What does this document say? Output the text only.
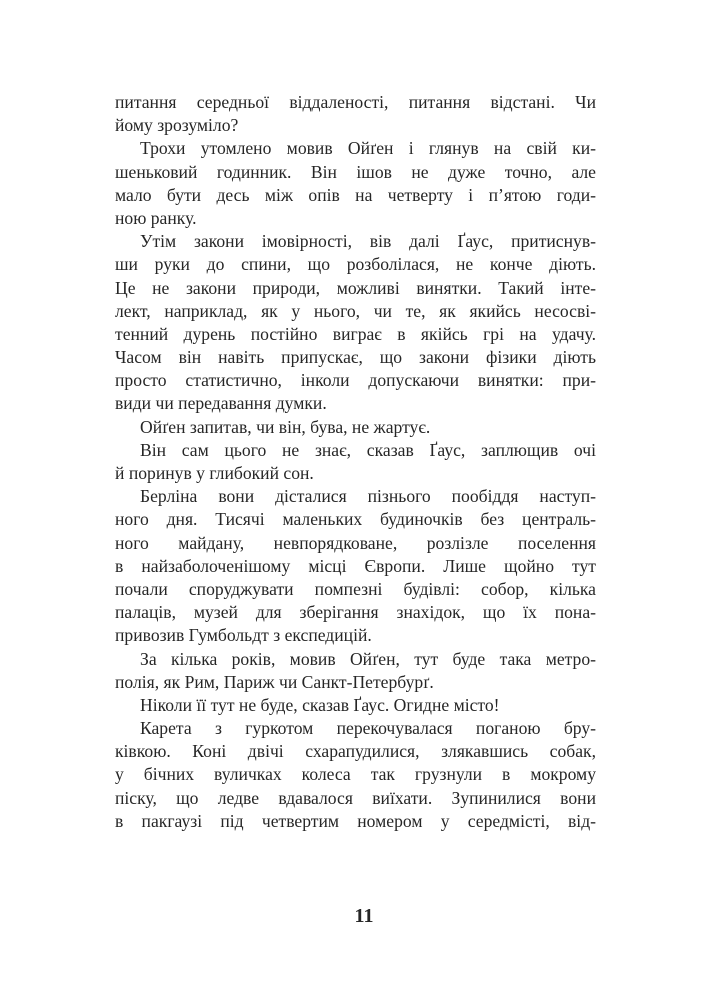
питання середньої віддаленості, питання відстані. Чи
йому зрозуміло?
Трохи утомлено мовив Ойґен і глянув на свій ки-
шеньковий годинник. Він ішов не дуже точно, але
мало бути десь між опів на четверту і п’ятою годи-
ною ранку.
Утім закони імовірності, вів далі Ґаус, притиснув-
ши руки до спини, що розболілася, не конче діють.
Це не закони природи, можливі винятки. Такий інте-
лект, наприклад, як у нього, чи те, як якийсь несосві-
тенний дурень постійно виграє в якійсь грі на удачу.
Часом він навіть припускає, що закони фізики діють
просто статистично, інколи допускаючи винятки: при-
види чи передавання думки.
Ойґен запитав, чи він, бува, не жартує.
Він сам цього не знає, сказав Ґаус, заплющив очі
й поринув у глибокий сон.
Берліна вони дісталися пізнього пообіддя наступ-
ного дня. Тисячі маленьких будиночків без централь-
ного майдану, невпорядковане, розлізле поселення
в найзаболоченішому місці Європи. Лише щойно тут
почали споруджувати помпезні будівлі: собор, кілька
палаців, музей для зберігання знахідок, що їх пона-
привозив Гумбольдт з експедицій.
За кілька років, мовив Ойґен, тут буде така метро-
полія, як Рим, Париж чи Санкт-Петербурґ.
Ніколи її тут не буде, сказав Ґаус. Огидне місто!
Карета з гуркотом перекочувалася поганою бру-
ківкою. Коні двічі схарапудилися, злякавшись собак,
у бічних вуличках колеса так грузнули в мокрому
піску, що ледве вдавалося виїхати. Зупинилися вони
в пакгаузі під четвертим номером у середмісті, від-
11
